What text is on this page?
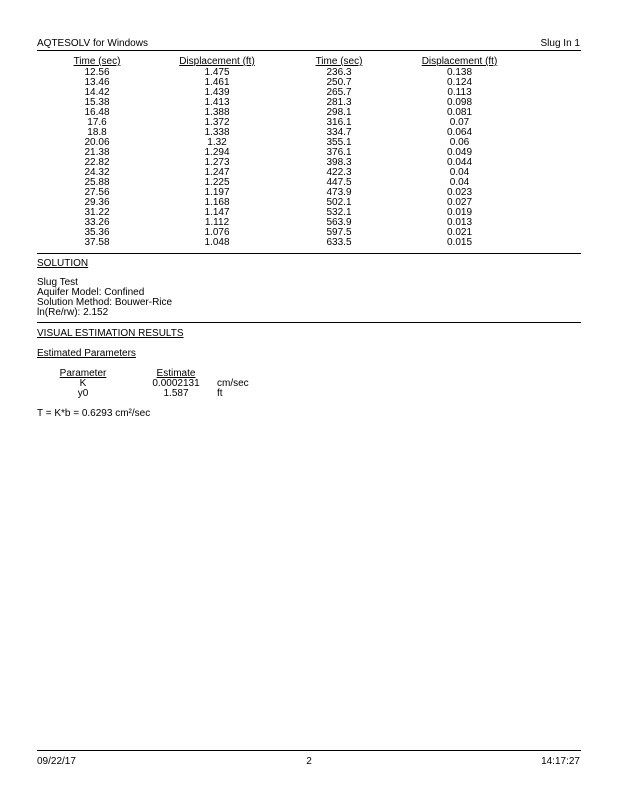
AQTESOLV for Windows	Slug In 1
Time (sec)	Displacement (ft)	Time (sec)	Displacement (ft)
12.56	1.475	236.3	0.138
13.46	1.461	250.7	0.124
14.42	1.439	265.7	0.113
15.38	1.413	281.3	0.098
16.48	1.388	298.1	0.081
17.6	1.372	316.1	0.07
18.8	1.338	334.7	0.064
20.06	1.32	355.1	0.06
21.38	1.294	376.1	0.049
22.82	1.273	398.3	0.044
24.32	1.247	422.3	0.04
25.88	1.225	447.5	0.04
27.56	1.197	473.9	0.023
29.36	1.168	502.1	0.027
31.22	1.147	532.1	0.019
33.26	1.112	563.9	0.013
35.36	1.076	597.5	0.021
37.58	1.048	633.5	0.015
SOLUTION
Slug Test
Aquifer Model: Confined
Solution Method: Bouwer-Rice
ln(Re/rw): 2.152
VISUAL ESTIMATION RESULTS
Estimated Parameters
Parameter	Estimate
K	0.0002131	cm/sec
y0	1.587	ft
T = K*b = 0.6293 cm²/sec
09/22/17	2	14:17:27
